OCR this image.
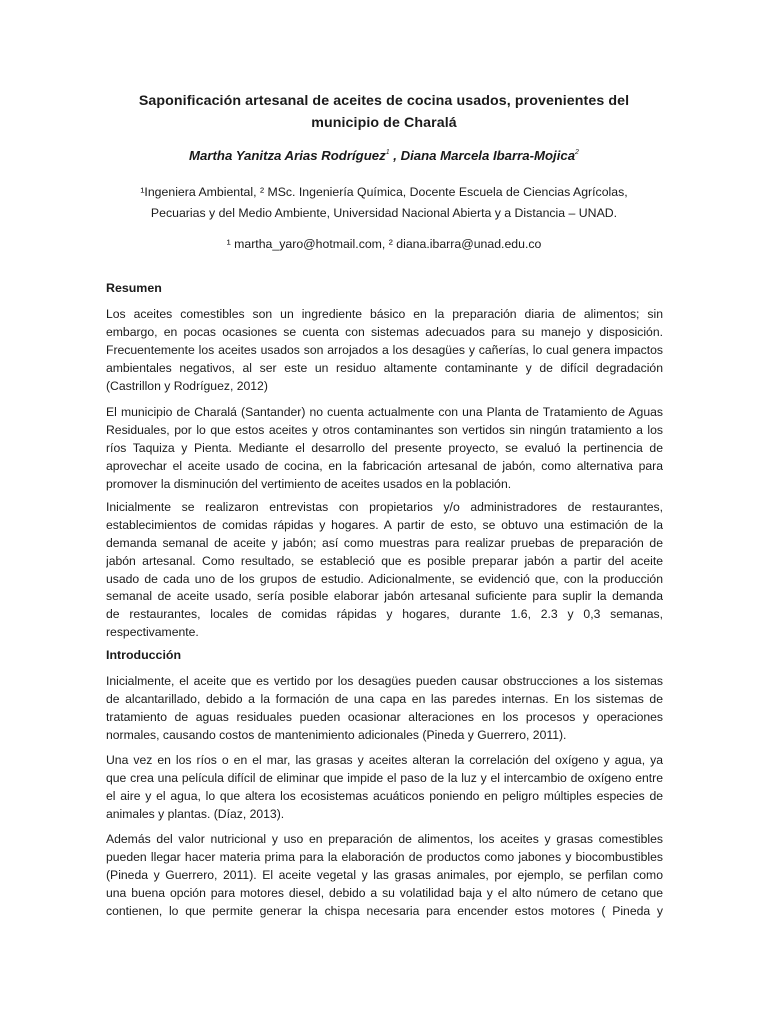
Saponificación artesanal de aceites de cocina usados, provenientes del
municipio de Charalá
Martha Yanitza Arias Rodríguez$^1$ , Diana Marcela Ibarra-Mojica$^2$
¹Ingeniera Ambiental, ² MSc. Ingeniería Química, Docente Escuela de Ciencias Agrícolas,
Pecuarias y del Medio Ambiente, Universidad Nacional Abierta y a Distancia – UNAD.
¹ martha_yaro@hotmail.com, ² diana.ibarra@unad.edu.co
Resumen
Los aceites comestibles son un ingrediente básico en la preparación diaria de alimentos; sin
embargo, en pocas ocasiones se cuenta con sistemas adecuados para su manejo y disposición.
Frecuentemente los aceites usados son arrojados a los desagües y cañerías, lo cual genera impactos
ambientales negativos, al ser este un residuo altamente contaminante y de difícil degradación
(Castrillon y Rodríguez, 2012)
El municipio de Charalá (Santander) no cuenta actualmente con una Planta de Tratamiento de Aguas
Residuales, por lo que estos aceites y otros contaminantes son vertidos sin ningún tratamiento a los
ríos Taquiza y Pienta. Mediante el desarrollo del presente proyecto, se evaluó la pertinencia de
aprovechar el aceite usado de cocina, en la fabricación artesanal de jabón, como alternativa para
promover la disminución del vertimiento de aceites usados en la población.
Inicialmente se realizaron entrevistas con propietarios y/o administradores de restaurantes,
establecimientos de comidas rápidas y hogares. A partir de esto, se obtuvo una estimación de la
demanda semanal de aceite y jabón; así como muestras para realizar pruebas de preparación de
jabón artesanal. Como resultado, se estableció que es posible preparar jabón a partir del aceite
usado de cada uno de los grupos de estudio. Adicionalmente, se evidenció que, con la producción
semanal de aceite usado, sería posible elaborar jabón artesanal suficiente para suplir la demanda
de restaurantes, locales de comidas rápidas y hogares, durante 1.6, 2.3 y 0,3 semanas,
respectivamente.
Introducción
Inicialmente, el aceite que es vertido por los desagües pueden causar obstrucciones a los sistemas
de alcantarillado, debido a la formación de una capa en las paredes internas. En los sistemas de
tratamiento de aguas residuales pueden ocasionar alteraciones en los procesos y operaciones
normales, causando costos de mantenimiento adicionales (Pineda y Guerrero, 2011).
Una vez en los ríos o en el mar, las grasas y aceites alteran la correlación del oxígeno y agua, ya
que crea una película difícil de eliminar que impide el paso de la luz y el intercambio de oxígeno entre
el aire y el agua, lo que altera los ecosistemas acuáticos poniendo en peligro múltiples especies de
animales y plantas. (Díaz, 2013).
Además del valor nutricional y uso en preparación de alimentos, los aceites y grasas comestibles
pueden llegar hacer materia prima para la elaboración de productos como jabones y biocombustibles
(Pineda y Guerrero, 2011). El aceite vegetal y las grasas animales, por ejemplo, se perfilan como
una buena opción para motores diesel, debido a su volatilidad baja y el alto número de cetano que
contienen, lo que permite generar la chispa necesaria para encender estos motores ( Pineda y
